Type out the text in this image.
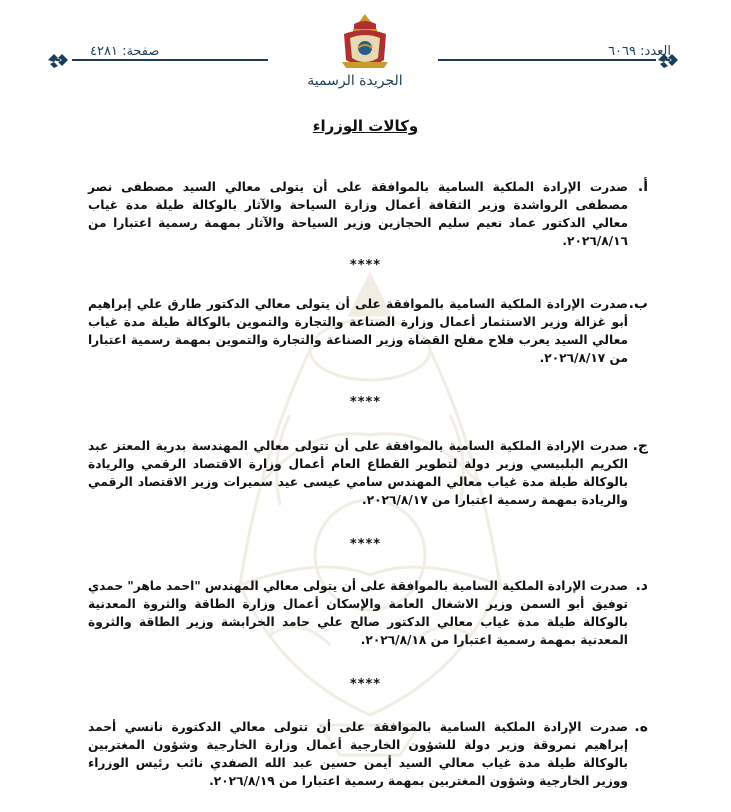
صفحة: ٤٢٨١	العدد: ٦٠٦٩
الجريدة الرسمية
وكالات الوزراء
أ.
صدرت الإرادة الملكية السامية بالموافقة على أن يتولى معالي السيد مصطفى نصر مصطفى الرواشدة وزير الثقافة أعمال وزارة السياحة والآثار بالوكالة طيلة مدة غياب معالي الدكتور عماد نعيم سليم الحجازين وزير السياحة والآثار بمهمة رسمية اعتبارا من ٢٠٢٦/٨/١٦.
****
ب.
صدرت الإرادة الملكية السامية بالموافقة على أن يتولى معالي الدكتور طارق علي إبراهيم أبو غزالة وزير الاستثمار أعمال وزارة الصناعة والتجارة والتموين بالوكالة طيلة مدة غياب معالي السيد يعرب فلاح مفلح القضاة وزير الصناعة والتجارة والتموين بمهمة رسمية اعتبارا من ٢٠٢٦/٨/١٧.
****
ج.
صدرت الإرادة الملكية السامية بالموافقة على أن تتولى معالي المهندسة بدرية المعتز عبد الكريم البلبيسي وزير دولة لتطوير القطاع العام أعمال وزارة الاقتصاد الرقمي والريادة بالوكالة طيلة مدة غياب معالي المهندس سامي عيسى عيد سميرات وزير الاقتصاد الرقمي والريادة بمهمة رسمية اعتبارا من ٢٠٢٦/٨/١٧.
****
د.
صدرت الإرادة الملكية السامية بالموافقة على أن يتولى معالي المهندس "احمد ماهر" حمدي توفيق أبو السمن وزير الاشغال العامة والإسكان أعمال وزارة الطاقة والثروة المعدنية بالوكالة طيلة مدة غياب معالي الدكتور صالح علي حامد الخرابشة وزير الطاقة والثروة المعدنية بمهمة رسمية اعتبارا من ٢٠٢٦/٨/١٨.
****
ه.
صدرت الإرادة الملكية السامية بالموافقة على أن تتولى معالي الدكتورة نانسي أحمد إبراهيم نمروقة وزير دولة للشؤون الخارجية أعمال وزارة الخارجية وشؤون المغتربين بالوكالة طيلة مدة غياب معالي السيد أيمن حسين عبد الله الصفدي نائب رئيس الوزراء ووزير الخارجية وشؤون المغتربين بمهمة رسمية اعتبارا من ٢٠٢٦/٨/١٩.
